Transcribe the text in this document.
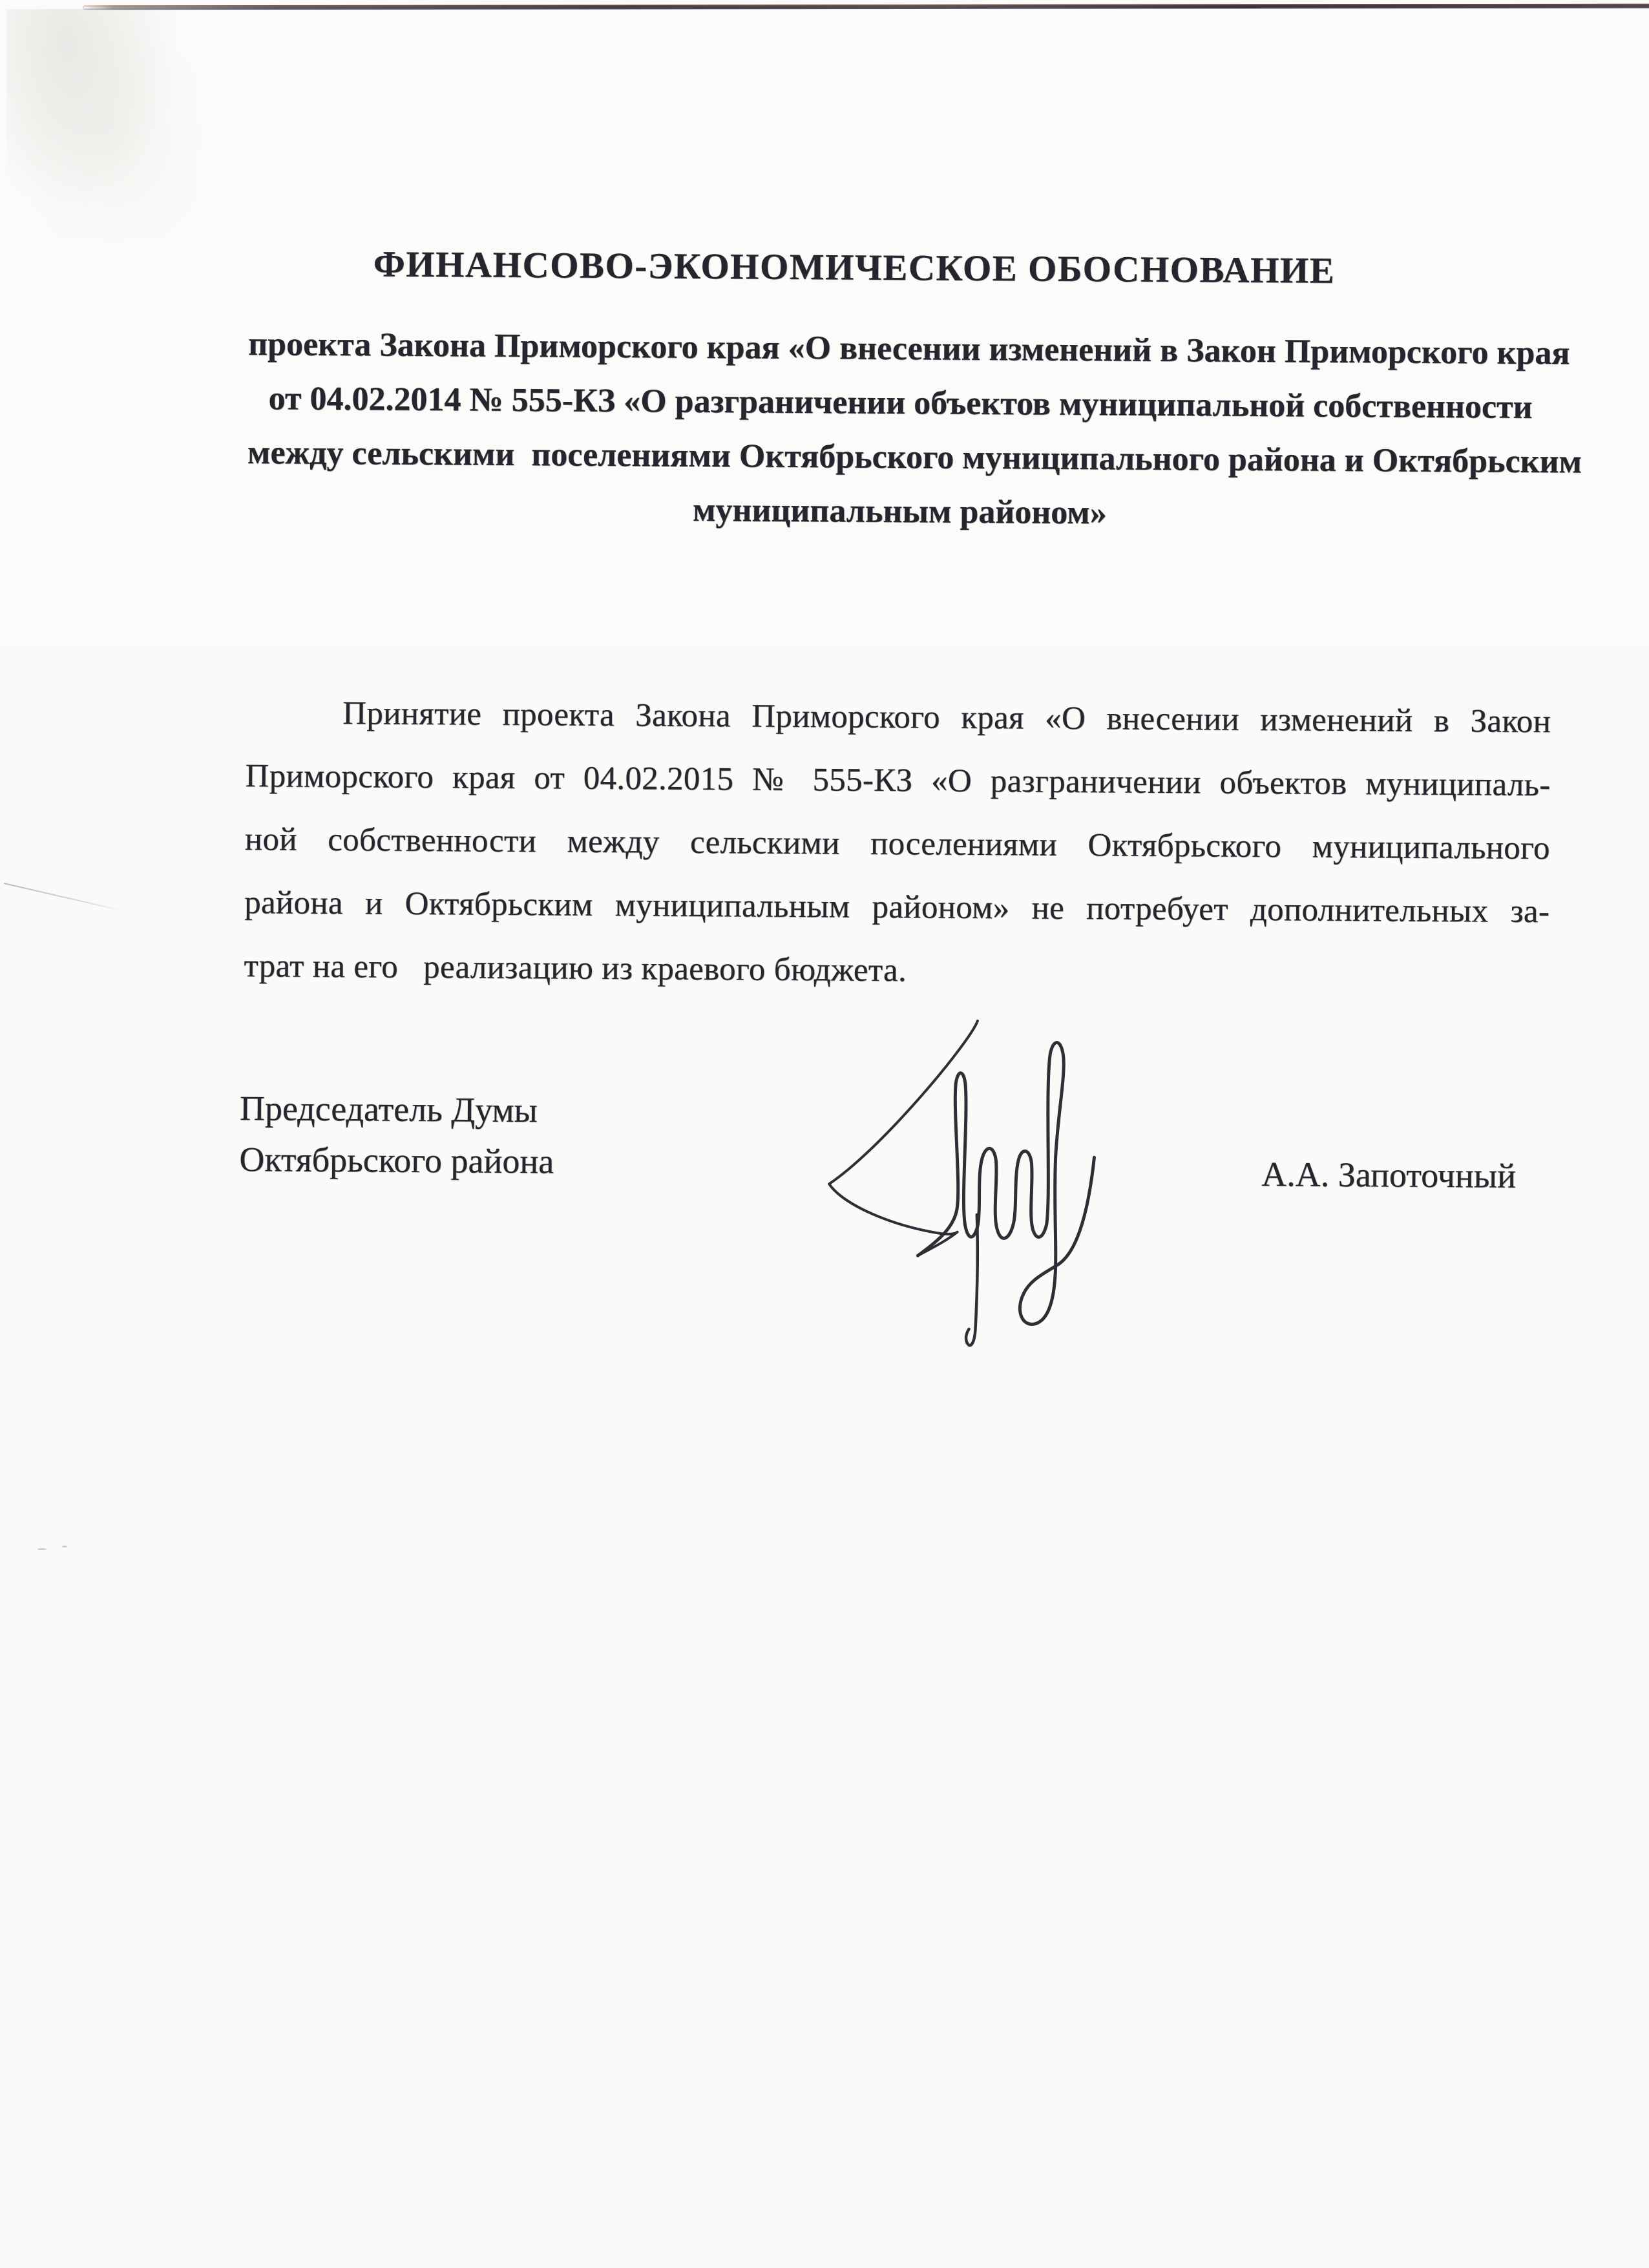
ФИНАНСОВО-ЭКОНОМИЧЕСКОЕ ОБОСНОВАНИЕ
проекта Закона Приморского края «О внесении изменений в Закон Приморского края
от 04.02.2014 № 555-КЗ «О разграничении объектов муниципальной собственности
между сельскими  поселениями Октябрьского муниципального района и Октябрьским
муниципальным районом»
Принятие проекта Закона Приморского края «О внесении изменений в Закон
Приморского края от 04.02.2015 № 555-КЗ «О разграничении объектов муниципаль-
ной собственности между сельскими поселениями Октябрьского муниципального
района и Октябрьским муниципальным районом» не потребует дополнительных за-
трат на его   реализацию из краевого бюджета.
Председатель Думы
Октябрьского района	А.А. Запоточный
